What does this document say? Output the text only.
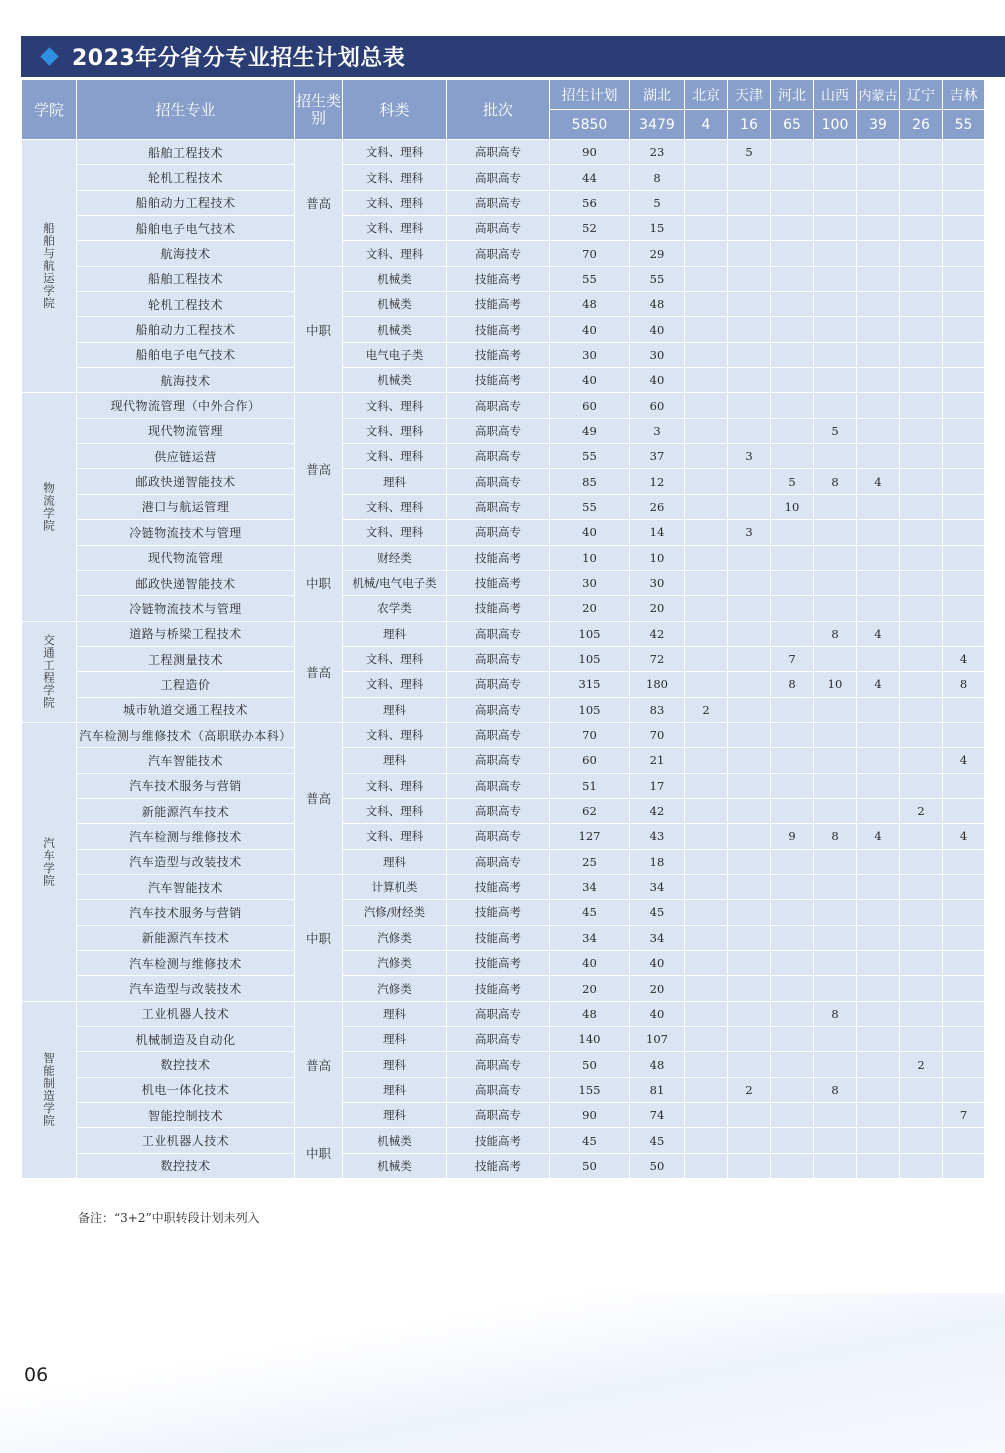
2023年分省分专业招生计划总表
学院	招生专业	招生类别	科类	批次	招生计划	湖北	北京	天津	河北	山西	内蒙古	辽宁	吉林
					5850	3479	4	16	65	100	39	26	55
船舶与航运学院	船舶工程技术	普高	文科、理科	高职高专	90	23		5					
	轮机工程技术		文科、理科	高职高专	44	8							
	船舶动力工程技术		文科、理科	高职高专	56	5							
	船舶电子电气技术		文科、理科	高职高专	52	15							
	航海技术		文科、理科	高职高专	70	29							
	船舶工程技术	中职	机械类	技能高考	55	55							
	轮机工程技术		机械类	技能高考	48	48							
	船舶动力工程技术		机械类	技能高考	40	40							
	船舶电子电气技术		电气电子类	技能高考	30	30							
	航海技术		机械类	技能高考	40	40							
物流学院	现代物流管理（中外合作）	普高	文科、理科	高职高专	60	60							
	现代物流管理		文科、理科	高职高专	49	3				5			
	供应链运营		文科、理科	高职高专	55	37		3					
	邮政快递智能技术		理科	高职高专	85	12			5	8	4		
	港口与航运管理		文科、理科	高职高专	55	26			10				
	冷链物流技术与管理		文科、理科	高职高专	40	14		3					
	现代物流管理	中职	财经类	技能高考	10	10							
	邮政快递智能技术		机械/电气电子类	技能高考	30	30							
	冷链物流技术与管理		农学类	技能高考	20	20							
交通工程学院	道路与桥梁工程技术	普高	理科	高职高专	105	42				8	4		
	工程测量技术		文科、理科	高职高专	105	72			7				4
	工程造价		文科、理科	高职高专	315	180			8	10	4		8
	城市轨道交通工程技术		理科	高职高专	105	83	2						
汽车学院	汽车检测与维修技术（高职联办本科）	普高	文科、理科	高职高专	70	70							
	汽车智能技术		理科	高职高专	60	21							4
	汽车技术服务与营销		文科、理科	高职高专	51	17							
	新能源汽车技术		文科、理科	高职高专	62	42						2	
	汽车检测与维修技术		文科、理科	高职高专	127	43			9	8	4		4
	汽车造型与改装技术		理科	高职高专	25	18							
	汽车智能技术	中职	计算机类	技能高考	34	34							
	汽车技术服务与营销		汽修/财经类	技能高考	45	45							
	新能源汽车技术		汽修类	技能高考	34	34							
	汽车检测与维修技术		汽修类	技能高考	40	40							
	汽车造型与改装技术		汽修类	技能高考	20	20							
智能制造学院	工业机器人技术	普高	理科	高职高专	48	40				8			
	机械制造及自动化		理科	高职高专	140	107							
	数控技术		理科	高职高专	50	48						2	
	机电一体化技术		理科	高职高专	155	81		2		8			
	智能控制技术		理科	高职高专	90	74							7
	工业机器人技术	中职	机械类	技能高考	45	45							
	数控技术		机械类	技能高考	50	50							
备注：“3+2”中职转段计划未列入
06
